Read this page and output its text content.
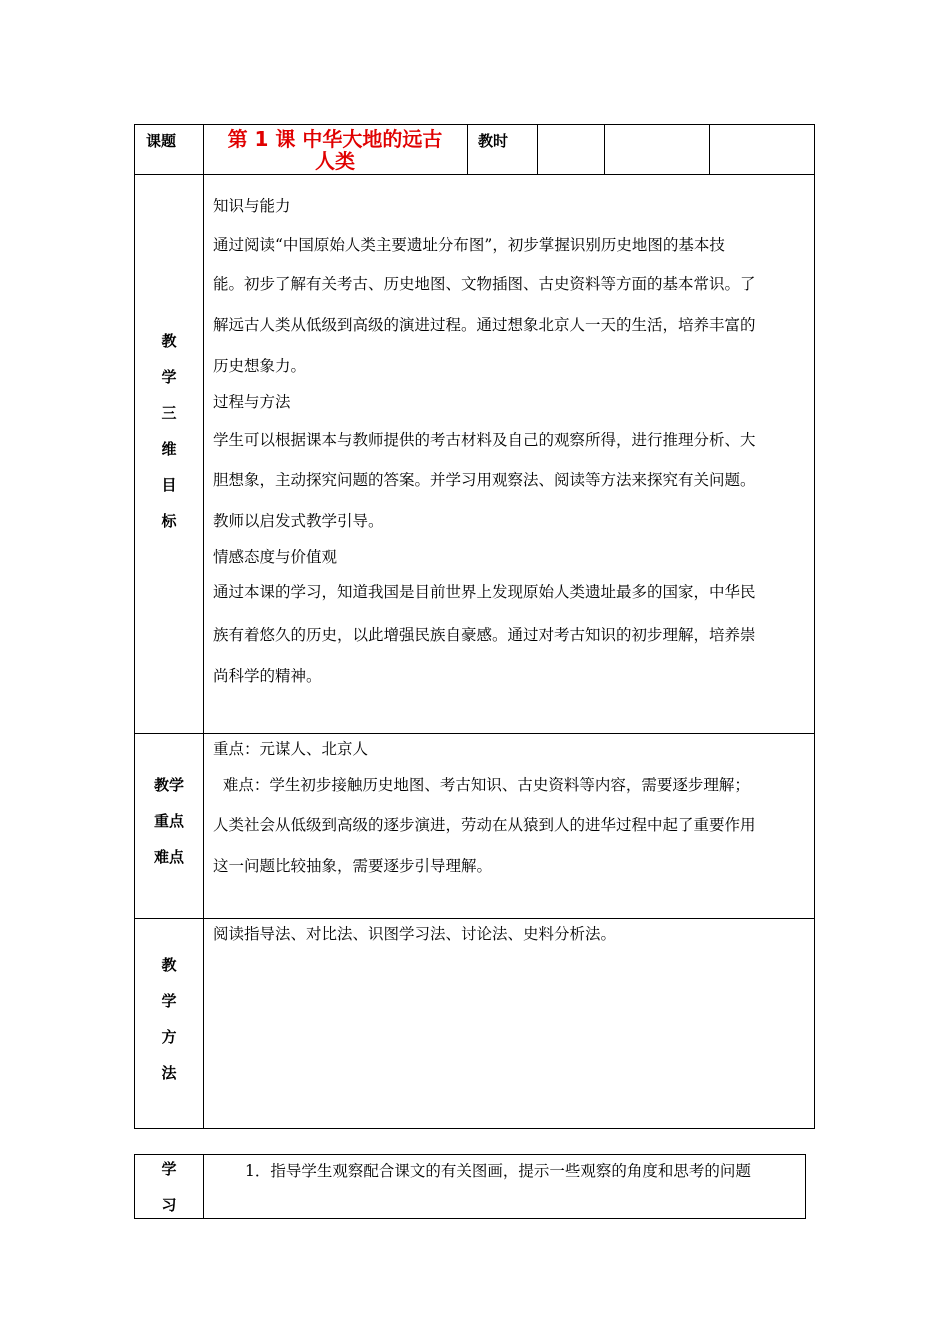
课题	第 1 课 中华大地的远古
人类
教时
教
学
三
维
目
标
知识与能力
通过阅读“中国原始人类主要遗址分布图”，初步掌握识别历史地图的基本技
能。初步了解有关考古、历史地图、文物插图、古史资料等方面的基本常识。了
解远古人类从低级到高级的演进过程。通过想象北京人一天的生活，培养丰富的
历史想象力。
过程与方法
学生可以根据课本与教师提供的考古材料及自己的观察所得，进行推理分析、大
胆想象，主动探究问题的答案。并学习用观察法、阅读等方法来探究有关问题。
教师以启发式教学引导。
情感态度与价值观
通过本课的学习，知道我国是目前世界上发现原始人类遗址最多的国家，中华民
族有着悠久的历史，以此增强民族自豪感。通过对考古知识的初步理解，培养崇
尚科学的精神。
教学
重点
难点
重点：元谋人、北京人
难点：学生初步接触历史地图、考古知识、古史资料等内容，需要逐步理解；
人类社会从低级到高级的逐步演进，劳动在从猿到人的进华过程中起了重要作用
这一问题比较抽象，需要逐步引导理解。
教
学
方
法
阅读指导法、对比法、识图学习法、讨论法、史料分析法。
学
习
1．指导学生观察配合课文的有关图画，提示一些观察的角度和思考的问题
